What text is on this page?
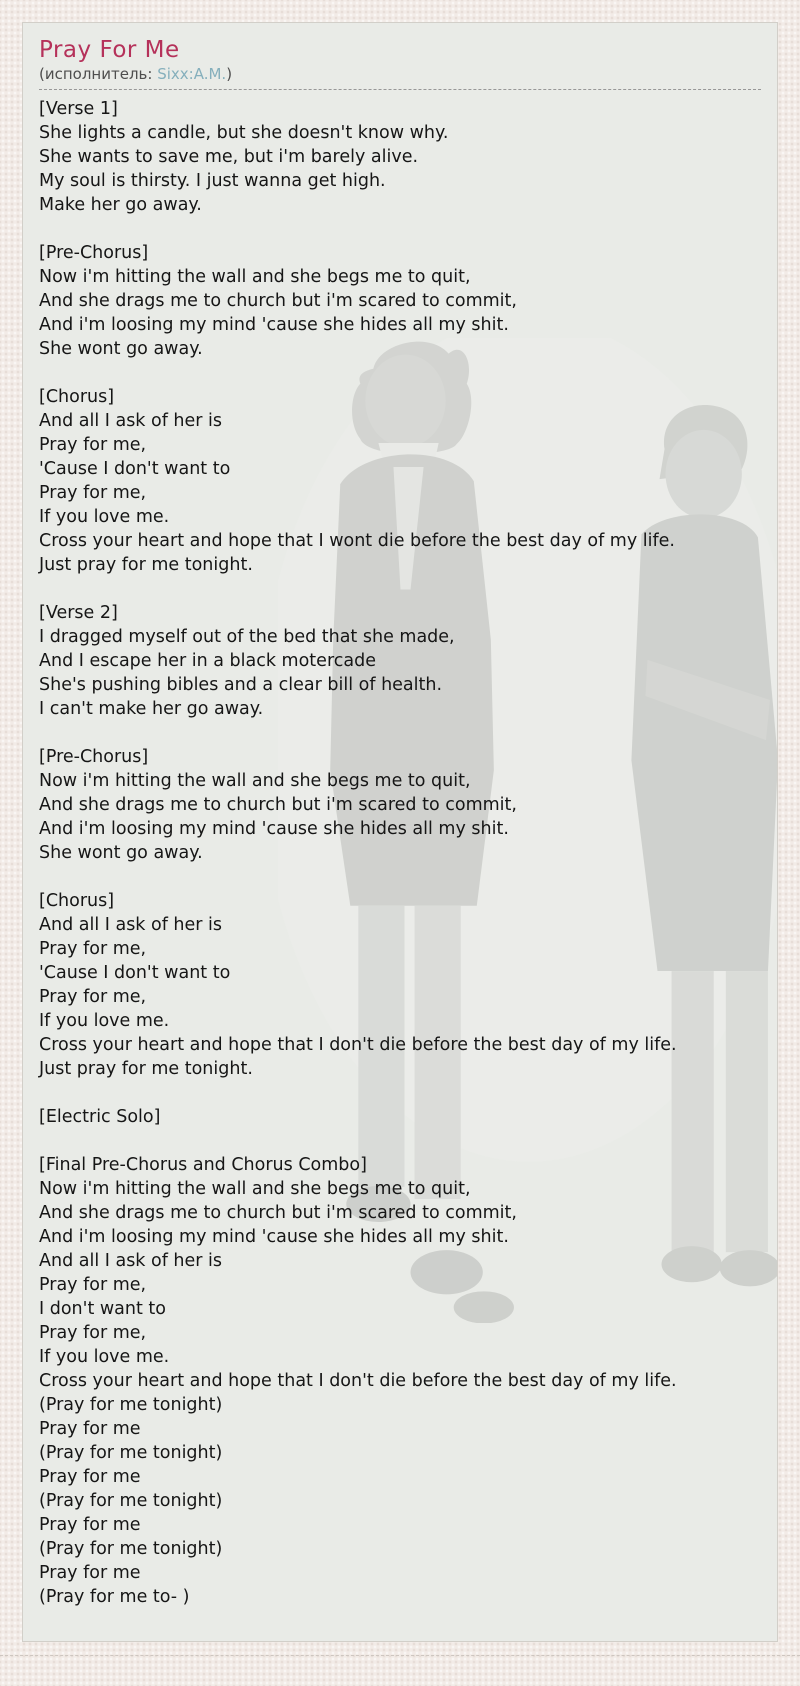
Pray For Me
(исполнитель: Sixx:A.M.)
[Verse 1]
She lights a candle, but she doesn't know why.
She wants to save me, but i'm barely alive.
My soul is thirsty. I just wanna get high.
Make her go away.
[Pre-Chorus]
Now i'm hitting the wall and she begs me to quit,
And she drags me to church but i'm scared to commit,
And i'm loosing my mind 'cause she hides all my shit.
She wont go away.
[Chorus]
And all I ask of her is
Pray for me,
'Cause I don't want to
Pray for me,
If you love me.
Cross your heart and hope that I wont die before the best day of my life.
Just pray for me tonight.
[Verse 2]
I dragged myself out of the bed that she made,
And I escape her in a black motercade
She's pushing bibles and a clear bill of health.
I can't make her go away.
[Pre-Chorus]
Now i'm hitting the wall and she begs me to quit,
And she drags me to church but i'm scared to commit,
And i'm loosing my mind 'cause she hides all my shit.
She wont go away.
[Chorus]
And all I ask of her is
Pray for me,
'Cause I don't want to
Pray for me,
If you love me.
Cross your heart and hope that I don't die before the best day of my life.
Just pray for me tonight.
[Electric Solo]
[Final Pre-Chorus and Chorus Combo]
Now i'm hitting the wall and she begs me to quit,
And she drags me to church but i'm scared to commit,
And i'm loosing my mind 'cause she hides all my shit.
And all I ask of her is
Pray for me,
I don't want to
Pray for me,
If you love me.
Cross your heart and hope that I don't die before the best day of my life.
(Pray for me tonight)
Pray for me
(Pray for me tonight)
Pray for me
(Pray for me tonight)
Pray for me
(Pray for me tonight)
Pray for me
(Pray for me to- )
